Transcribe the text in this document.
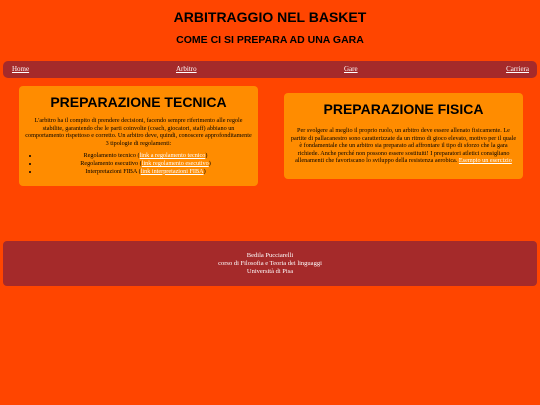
ARBITRAGGIO NEL BASKET
COME CI SI PREPARA AD UNA GARA
Home	Arbitro	Gare	Carriera
PREPARAZIONE TECNICA

L'arbitro ha il compito di prendere decisioni, facendo sempre riferimento alle regole stabilite, garantendo che le parti coinvolte (coach, giocatori, staff) abbiano un comportamento rispettoso e corretto. Un arbitro deve, quindi, conoscere approfonditamente 3 tipologie di regolamenti:

• Regolamento tecnico (link a regolamento tecnico)
• Regolamento esecutivo (link regolamento esecutivo)
• Interpretazioni FIBA (link interpretazioni FIBA)
PREPARAZIONE FISICA

Per svolgere al meglio il proprio ruolo, un arbitro deve essere allenato fisicamente. Le partite di pallacanestro sono caratterizzate da un ritmo di gioco elevato, motivo per il quale è fondamentale che un arbitro sia preparato ad affrontare il tipo di sforzo che la gara richiede. Anche perché non possono essere sostituiti! I preparatori atletici consigliano allenamenti che favoriscano lo sviluppo della resistenza aerobica. Esempio un esercizio

Bedila Pucciarelli
corso di Filosofia e Teoria dei linguaggi
Università di Pisa
